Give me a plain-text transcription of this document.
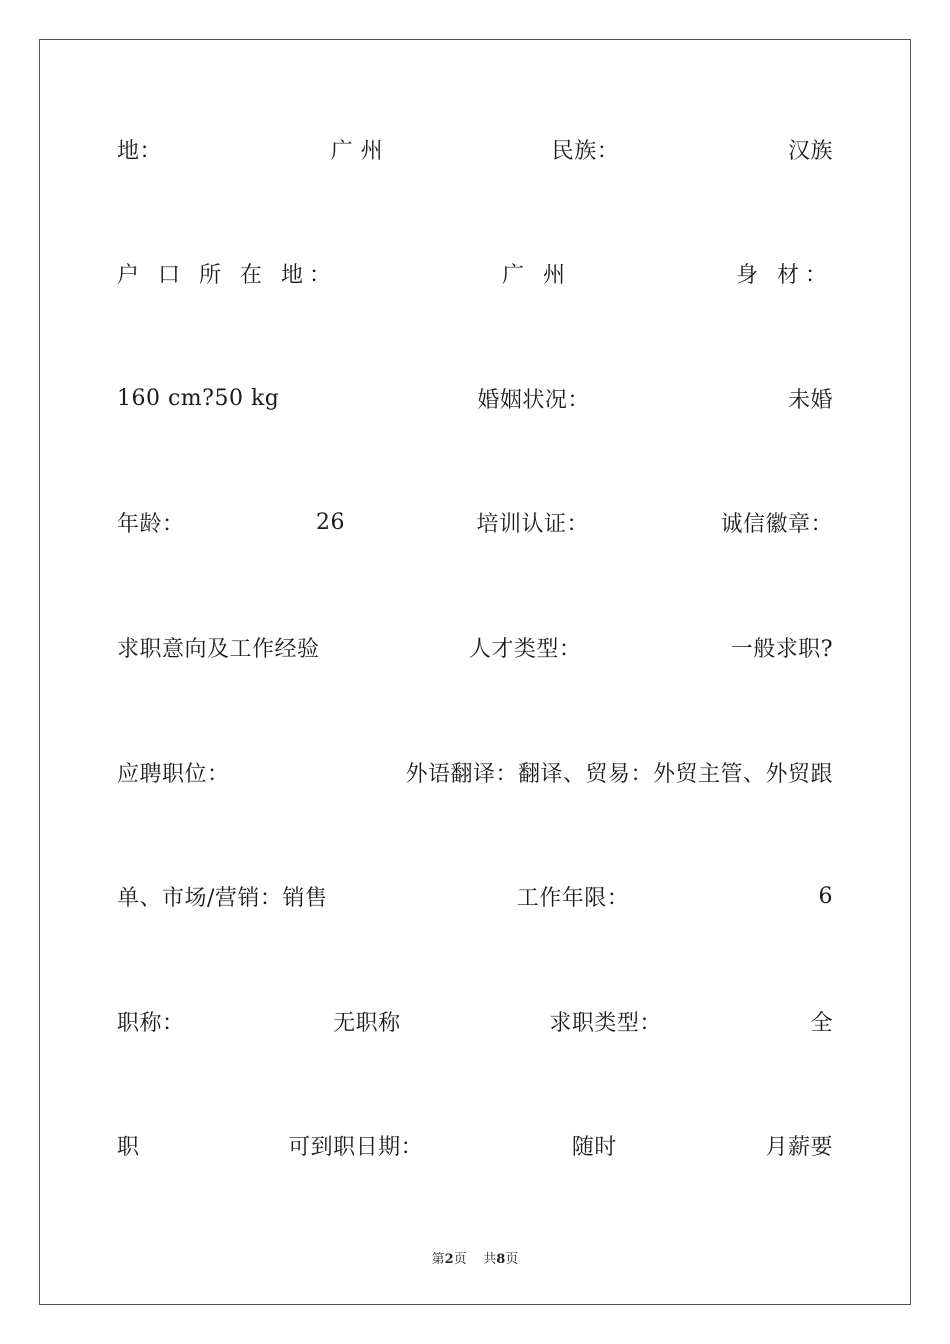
地：	广 州	民族：	汉族
户 口 所 在 地：	广 州	身 材：
160 cm?50 kg	婚姻状况：	未婚
年龄：	26	培训认证：	诚信徽章：
求职意向及工作经验	人才类型：	一般求职?
应聘职位：	外语翻译：翻译、贸易：外贸主管、外贸跟
单、市场/营销：销售	工作年限：	6
职称：	无职称	求职类型：	全
职	可到职日期：	随时	月薪要
第2页 共8页
